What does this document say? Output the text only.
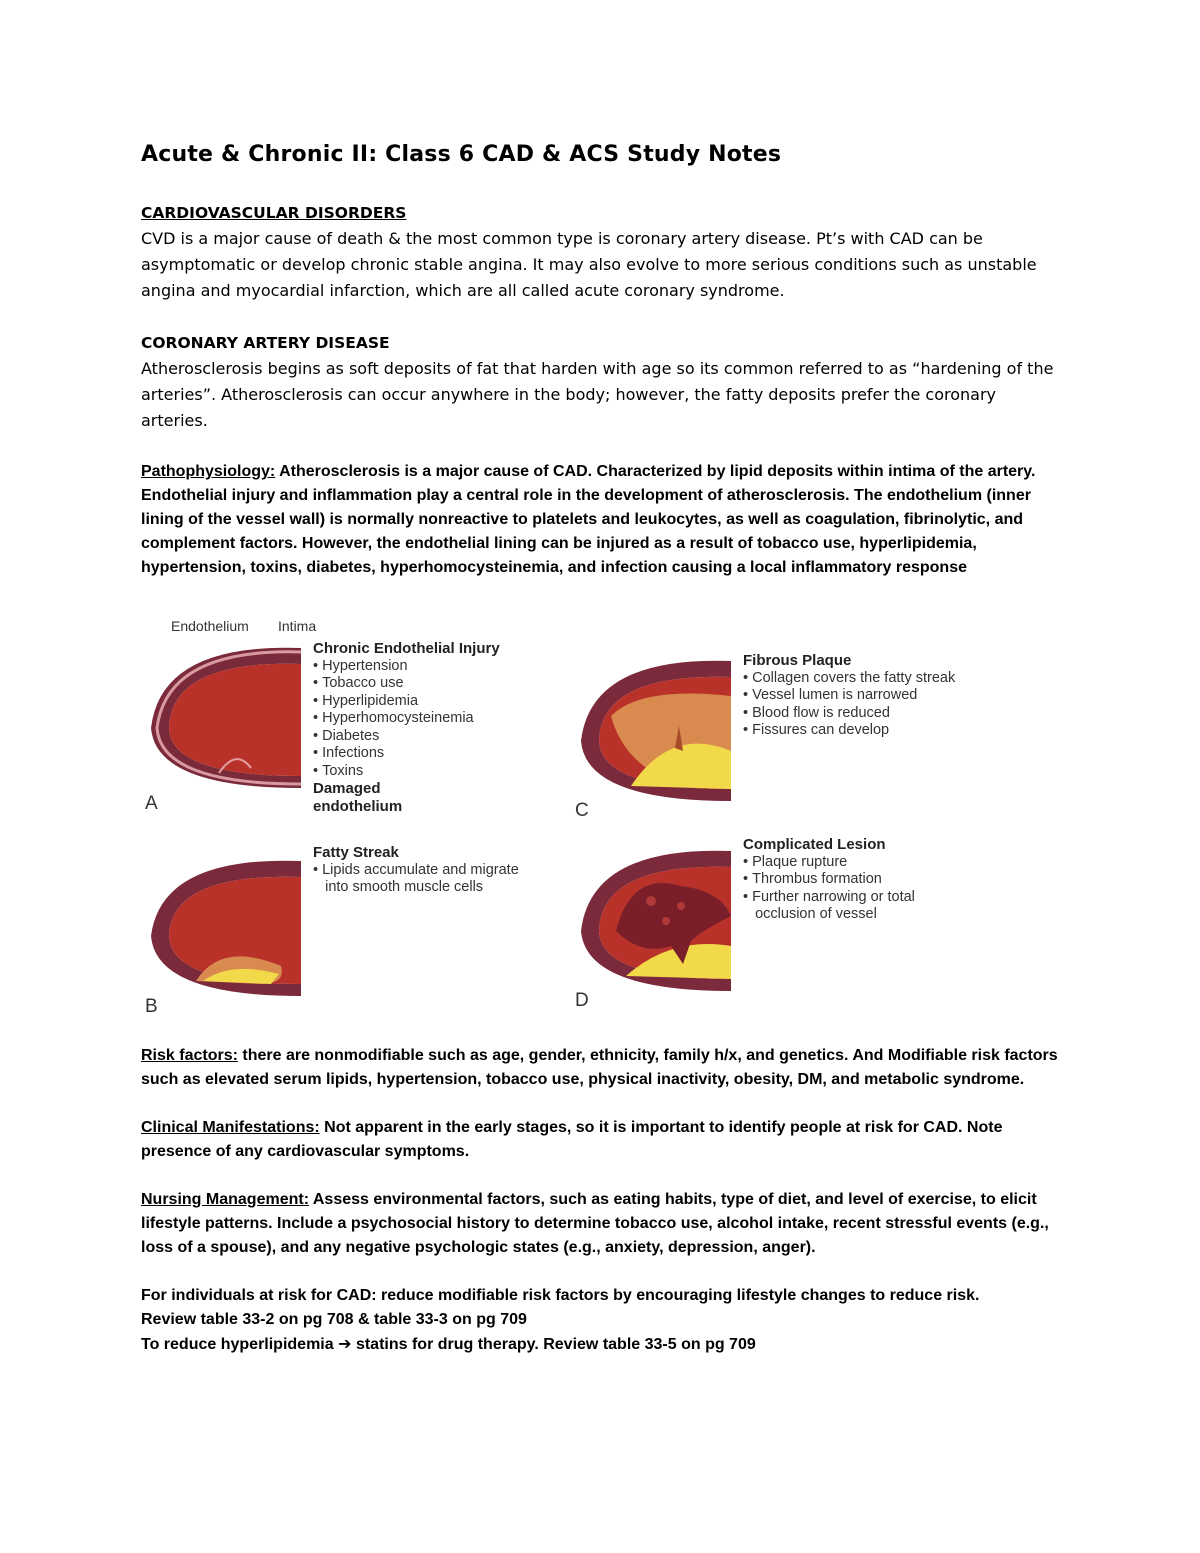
Acute & Chronic II: Class 6 CAD & ACS Study Notes

CARDIOVASCULAR DISORDERS

CVD is a major cause of death & the most common type is coronary artery disease. Pt’s with CAD can be asymptomatic or develop chronic stable angina. It may also evolve to more serious conditions such as unstable angina and myocardial infarction, which are all called acute coronary syndrome.

CORONARY ARTERY DISEASE

Atherosclerosis begins as soft deposits of fat that harden with age so its common referred to as “hardening of the arteries”. Atherosclerosis can occur anywhere in the body; however, the fatty deposits prefer the coronary arteries.

Pathophysiology: Atherosclerosis is a major cause of CAD. Characterized by lipid deposits within intima of the artery. Endothelial injury and inflammation play a central role in the development of atherosclerosis. The endothelium (inner lining of the vessel wall) is normally nonreactive to platelets and leukocytes, as well as coagulation, fibrinolytic, and complement factors. However, the endothelial lining can be injured as a result of tobacco use, hyperlipidemia, hypertension, toxins, diabetes, hyperhomocysteinemia, and infection causing a local inflammatory response

Endothelium Intima
A
Chronic Endothelial Injury
• Hypertension
• Tobacco use
• Hyperlipidemia
• Hyperhomocysteinemia
• Diabetes
• Infections
• Toxins
Damaged
endothelium
B
Fatty Streak
• Lipids accumulate and migrate
into smooth muscle cells
C
Fibrous Plaque
• Collagen covers the fatty streak
• Vessel lumen is narrowed
• Blood flow is reduced
• Fissures can develop
D
Complicated Lesion
• Plaque rupture
• Thrombus formation
• Further narrowing or total
occlusion of vessel

Risk factors: there are nonmodifiable such as age, gender, ethnicity, family h/x, and genetics. And Modifiable risk factors such as elevated serum lipids, hypertension, tobacco use, physical inactivity, obesity, DM, and metabolic syndrome.

Clinical Manifestations: Not apparent in the early stages, so it is important to identify people at risk for CAD. Note presence of any cardiovascular symptoms.

Nursing Management: Assess environmental factors, such as eating habits, type of diet, and level of exercise, to elicit lifestyle patterns. Include a psychosocial history to determine tobacco use, alcohol intake, recent stressful events (e.g., loss of a spouse), and any negative psychologic states (e.g., anxiety, depression, anger).

For individuals at risk for CAD: reduce modifiable risk factors by encouraging lifestyle changes to reduce risk.

Review table 33-2 on pg 708 & table 33-3 on pg 709

To reduce hyperlipidemia ➔ statins for drug therapy. Review table 33-5 on pg 709
